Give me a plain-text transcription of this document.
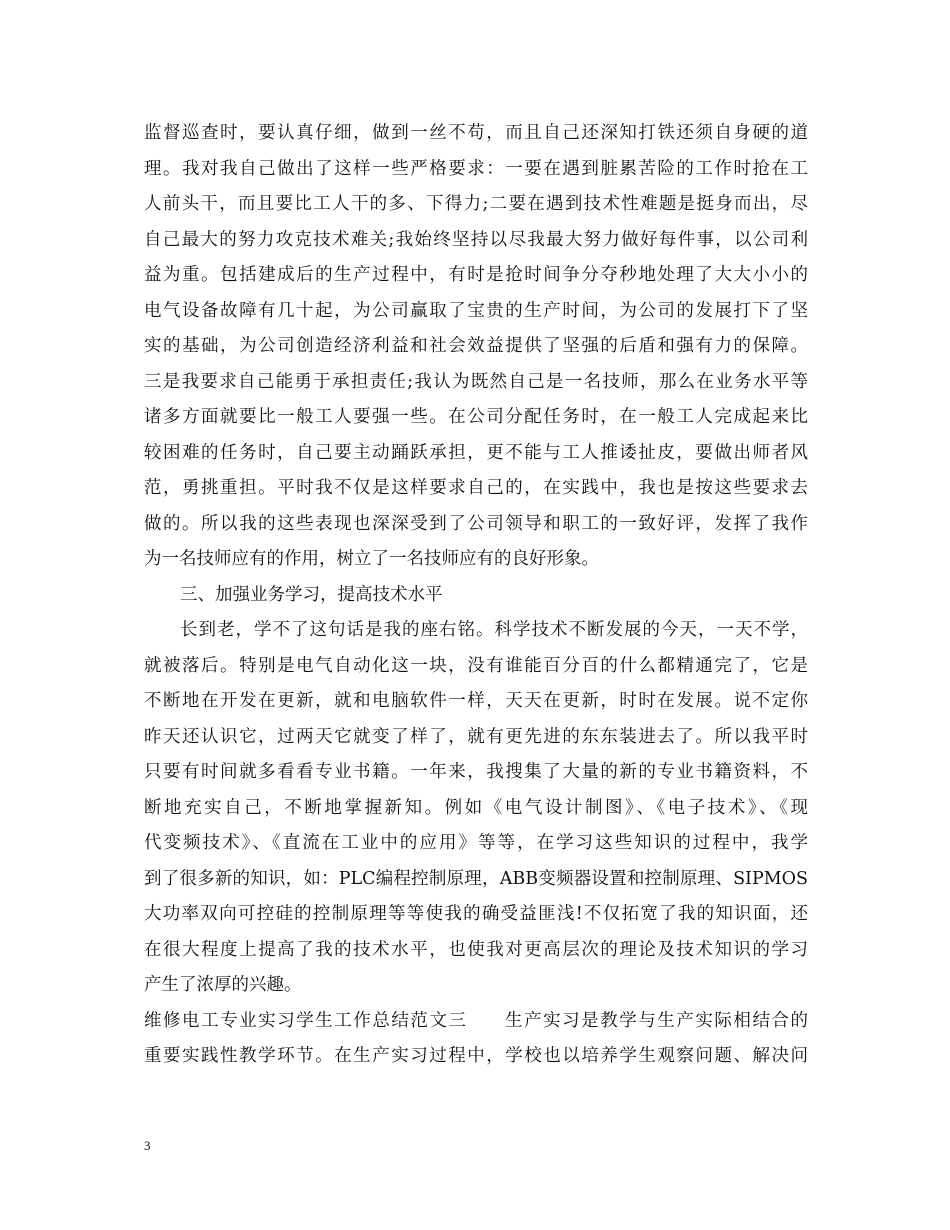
监督巡查时，要认真仔细，做到一丝不苟，而且自己还深知打铁还须自身硬的道
理。我对我自己做出了这样一些严格要求：一要在遇到脏累苦险的工作时抢在工
人前头干，而且要比工人干的多、下得力;二要在遇到技术性难题是挺身而出，尽
自己最大的努力攻克技术难关;我始终坚持以尽我最大努力做好每件事，以公司利
益为重。包括建成后的生产过程中，有时是抢时间争分夺秒地处理了大大小小的
电气设备故障有几十起，为公司赢取了宝贵的生产时间，为公司的发展打下了坚
实的基础，为公司创造经济利益和社会效益提供了坚强的后盾和强有力的保障。
三是我要求自己能勇于承担责任;我认为既然自己是一名技师，那么在业务水平等
诸多方面就要比一般工人要强一些。在公司分配任务时，在一般工人完成起来比
较困难的任务时，自己要主动踊跃承担，更不能与工人推诿扯皮，要做出师者风
范，勇挑重担。平时我不仅是这样要求自己的，在实践中，我也是按这些要求去
做的。所以我的这些表现也深深受到了公司领导和职工的一致好评，发挥了我作
为一名技师应有的作用，树立了一名技师应有的良好形象。
三、加强业务学习，提高技术水平
长到老，学不了这句话是我的座右铭。科学技术不断发展的今天，一天不学，
就被落后。特别是电气自动化这一块，没有谁能百分百的什么都精通完了，它是
不断地在开发在更新，就和电脑软件一样，天天在更新，时时在发展。说不定你
昨天还认识它，过两天它就变了样了，就有更先进的东东装进去了。所以我平时
只要有时间就多看看专业书籍。一年来，我搜集了大量的新的专业书籍资料，不
断地充实自己，不断地掌握新知。例如《电气设计制图》、《电子技术》、《现
代变频技术》、《直流在工业中的应用》等等，在学习这些知识的过程中，我学
到了很多新的知识，如：PLC编程控制原理，ABB变频器设置和控制原理、SIPMOS
大功率双向可控硅的控制原理等等使我的确受益匪浅!不仅拓宽了我的知识面，还
在很大程度上提高了我的技术水平，也使我对更高层次的理论及技术知识的学习
产生了浓厚的兴趣。
维修电工专业实习学生工作总结范文三 生产实习是教学与生产实际相结合的
重要实践性教学环节。在生产实习过程中，学校也以培养学生观察问题、解决问
3
